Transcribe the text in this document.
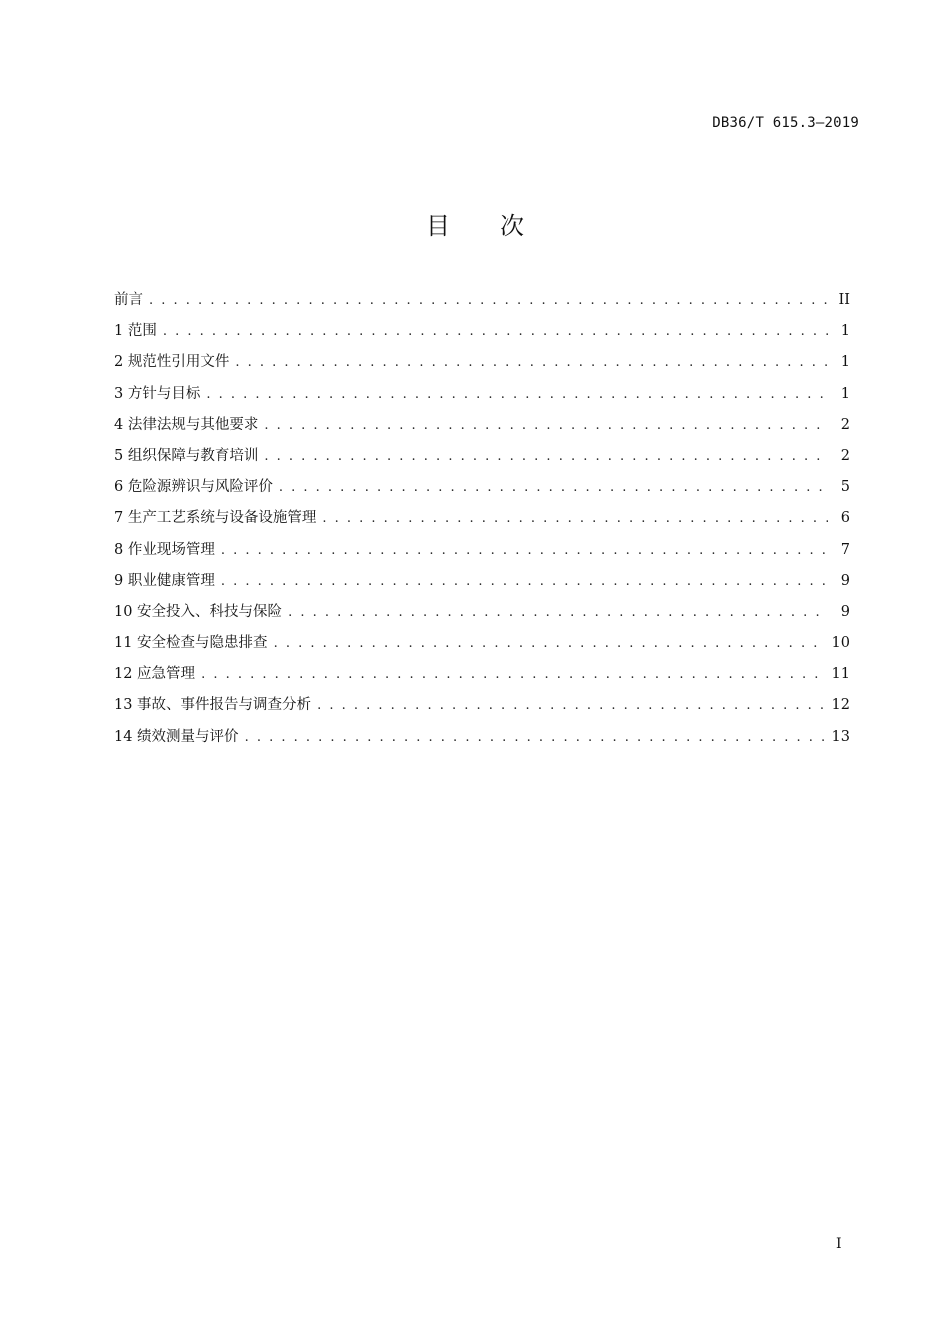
DB36/T 615.3—2019
目次
前言 . . .	II
1 范围 . . .	1
2 规范性引用文件 . . .	1
3 方针与目标 . . .	1
4 法律法规与其他要求 . . .	2
5 组织保障与教育培训 . . .	2
6 危险源辨识与风险评价 . . .	5
7 生产工艺系统与设备设施管理 . . .	6
8 作业现场管理 . . .	7
9 职业健康管理 . . .	9
10 安全投入、科技与保险 . . .	9
11 安全检查与隐患排查 . . .	10
12 应急管理 . . .	11
13 事故、事件报告与调查分析 . . .	12
14 绩效测量与评价 . . .	13
I
